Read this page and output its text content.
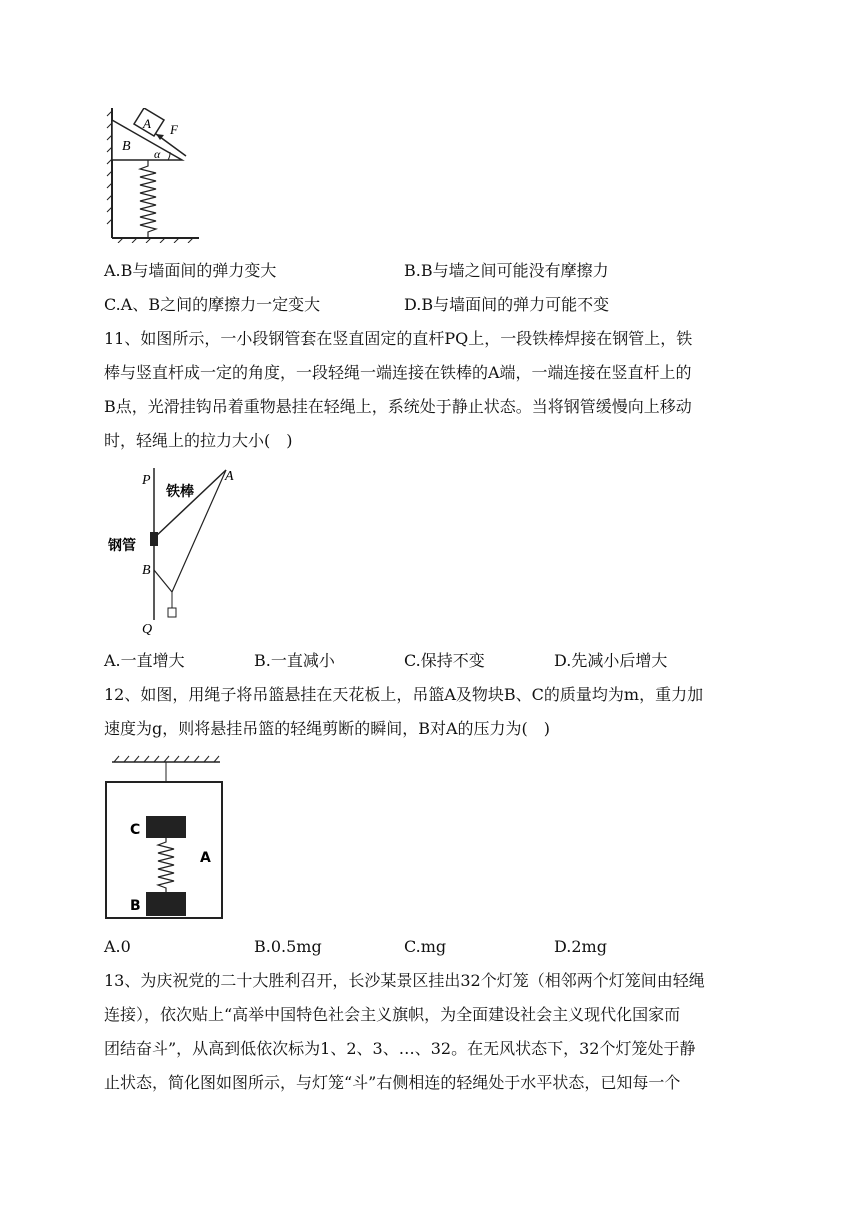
A
B
F
α
A.B与墙面间的弹力变大	B.B与墙之间可能没有摩擦力
C.A、B之间的摩擦力一定变大	D.B与墙面间的弹力可能不变
11、如图所示，一小段钢管套在竖直固定的直杆PQ上，一段铁棒焊接在钢管上，铁
棒与竖直杆成一定的角度，一段轻绳一端连接在铁棒的A端，一端连接在竖直杆上的
B点，光滑挂钩吊着重物悬挂在轻绳上，系统处于静止状态。当将钢管缓慢向上移动
时，轻绳上的拉力大小(　)
P
Q
A
B
铁棒
钢管
A.一直增大	B.一直减小	C.保持不变	D.先减小后增大
12、如图，用绳子将吊篮悬挂在天花板上，吊篮A及物块B、C的质量均为m，重力加
速度为g，则将悬挂吊篮的轻绳剪断的瞬间，B对A的压力为(　)
C
A
B
A.0	B.0.5mg	C.mg	D.2mg
13、为庆祝党的二十大胜利召开，长沙某景区挂出32个灯笼（相邻两个灯笼间由轻绳
连接），依次贴上“高举中国特色社会主义旗帜，为全面建设社会主义现代化国家而
团结奋斗”，从高到低依次标为1、2、3、…、32。在无风状态下，32个灯笼处于静
止状态，简化图如图所示，与灯笼“斗”右侧相连的轻绳处于水平状态，已知每一个
